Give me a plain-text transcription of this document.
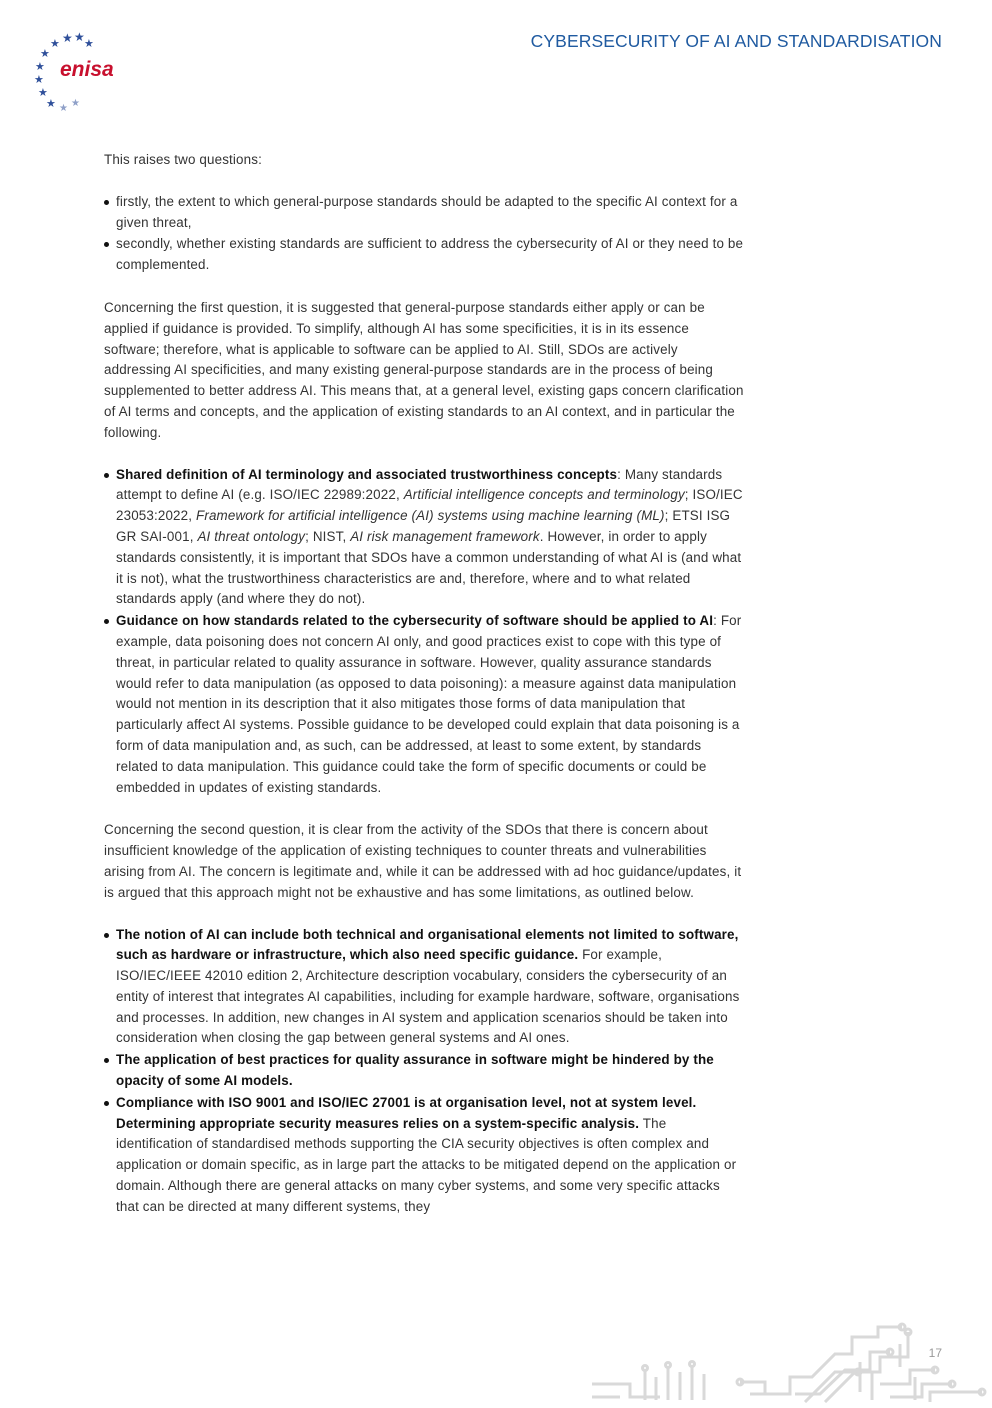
★ ★ ★
★
★
★
★
★
★ ★ ★
enisa
CYBERSECURITY OF AI AND STANDARDISATION

This raises two questions:

firstly, the extent to which general-purpose standards should be adapted to the specific AI context for a given threat,
secondly, whether existing standards are sufficient to address the cybersecurity of AI or they need to be complemented.

Concerning the first question, it is suggested that general-purpose standards either apply or can be applied if guidance is provided. To simplify, although AI has some specificities, it is in its essence software; therefore, what is applicable to software can be applied to AI. Still, SDOs are actively addressing AI specificities, and many existing general-purpose standards are in the process of being supplemented to better address AI. This means that, at a general level, existing gaps concern clarification of AI terms and concepts, and the application of existing standards to an AI context, and in particular the following.

Shared definition of AI terminology and associated trustworthiness concepts: Many standards attempt to define AI (e.g. ISO/IEC 22989:2022, Artificial intelligence concepts and terminology; ISO/IEC 23053:2022, Framework for artificial intelligence (AI) systems using machine learning (ML); ETSI ISG GR SAI-001, AI threat ontology; NIST, AI risk management framework. However, in order to apply standards consistently, it is important that SDOs have a common understanding of what AI is (and what it is not), what the trustworthiness characteristics are and, therefore, where and to what related standards apply (and where they do not).
Guidance on how standards related to the cybersecurity of software should be applied to AI: For example, data poisoning does not concern AI only, and good practices exist to cope with this type of threat, in particular related to quality assurance in software. However, quality assurance standards would refer to data manipulation (as opposed to data poisoning): a measure against data manipulation would not mention in its description that it also mitigates those forms of data manipulation that particularly affect AI systems. Possible guidance to be developed could explain that data poisoning is a form of data manipulation and, as such, can be addressed, at least to some extent, by standards related to data manipulation. This guidance could take the form of specific documents or could be embedded in updates of existing standards.

Concerning the second question, it is clear from the activity of the SDOs that there is concern about insufficient knowledge of the application of existing techniques to counter threats and vulnerabilities arising from AI. The concern is legitimate and, while it can be addressed with ad hoc guidance/updates, it is argued that this approach might not be exhaustive and has some limitations, as outlined below.

The notion of AI can include both technical and organisational elements not limited to software, such as hardware or infrastructure, which also need specific guidance. For example, ISO/IEC/IEEE 42010 edition 2, Architecture description vocabulary, considers the cybersecurity of an entity of interest that integrates AI capabilities, including for example hardware, software, organisations and processes. In addition, new changes in AI system and application scenarios should be taken into consideration when closing the gap between general systems and AI ones.
The application of best practices for quality assurance in software might be hindered by the opacity of some AI models.
Compliance with ISO 9001 and ISO/IEC 27001 is at organisation level, not at system level. Determining appropriate security measures relies on a system-specific analysis. The identification of standardised methods supporting the CIA security objectives is often complex and application or domain specific, as in large part the attacks to be mitigated depend on the application or domain. Although there are general attacks on many cyber systems, and some very specific attacks that can be directed at many different systems, they
17
